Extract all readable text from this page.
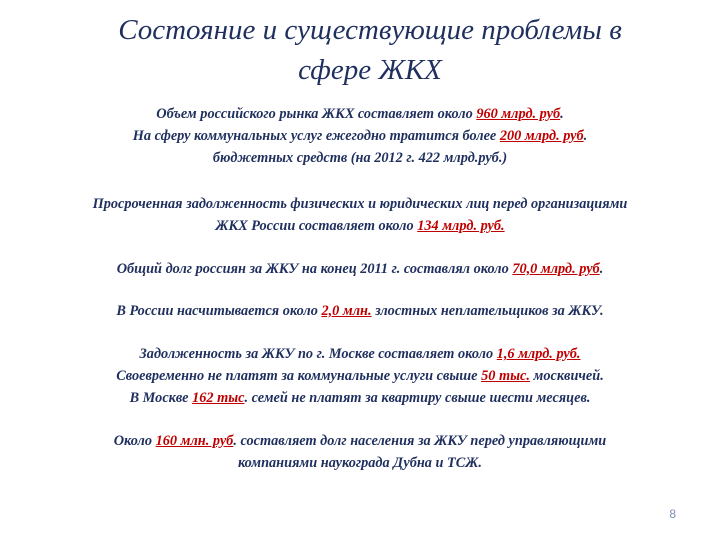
Состояние и существующие проблемы в
сфере ЖКХ
Объем российского рынка ЖКХ составляет около 960 млрд. руб.
На сферу коммунальных услуг ежегодно тратится более 200 млрд. руб.
бюджетных средств (на 2012 г. 422 млрд.руб.)
Просроченная задолженность физических и юридических лиц перед организациями
ЖКХ России составляет около 134 млрд. руб.
Общий долг россиян за ЖКУ на конец 2011 г. составлял около 70,0 млрд. руб.
В России насчитывается около 2,0 млн. злостных неплательщиков за ЖКУ.
Задолженность за ЖКУ по г. Москве составляет около 1,6 млрд. руб.
Своевременно не платят за коммунальные услуги свыше 50 тыс. москвичей.
В Москве 162 тыс. семей не платят за квартиру свыше шести месяцев.
Около 160 млн. руб. составляет долг населения за ЖКУ перед управляющими
компаниями наукограда Дубна и ТСЖ.
8
